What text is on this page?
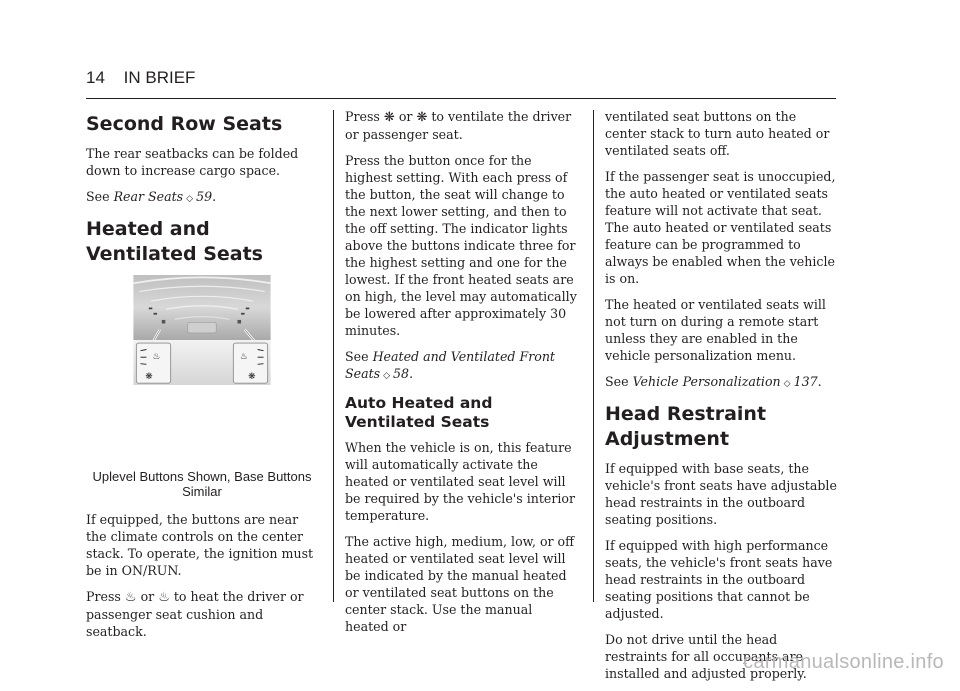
14 IN BRIEF
Second Row Seats

The rear seatbacks can be folded down to increase cargo space.

See Rear Seats ◇ 59.

Heated and Ventilated Seats
♨
❋
♨
❋
Uplevel Buttons Shown, Base Buttons Similar

If equipped, the buttons are near the climate controls on the center stack. To operate, the ignition must be in ON/RUN.

Press ♨ or ♨ to heat the driver or passenger seat cushion and seatback.

Press ❋ or ❋ to ventilate the driver or passenger seat.

Press the button once for the highest setting. With each press of the button, the seat will change to the next lower setting, and then to the off setting. The indicator lights above the buttons indicate three for the highest setting and one for the lowest. If the front heated seats are on high, the level may automatically be lowered after approximately 30 minutes.

See Heated and Ventilated Front Seats ◇ 58.

Auto Heated and Ventilated Seats

When the vehicle is on, this feature will automatically activate the heated or ventilated seat level will be required by the vehicle's interior temperature.

The active high, medium, low, or off heated or ventilated seat level will be indicated by the manual heated or ventilated seat buttons on the center stack. Use the manual heated or

ventilated seat buttons on the center stack to turn auto heated or ventilated seats off.

If the passenger seat is unoccupied, the auto heated or ventilated seats feature will not activate that seat. The auto heated or ventilated seats feature can be programmed to always be enabled when the vehicle is on.

The heated or ventilated seats will not turn on during a remote start unless they are enabled in the vehicle personalization menu.

See Vehicle Personalization ◇ 137.

Head Restraint Adjustment

If equipped with base seats, the vehicle's front seats have adjustable head restraints in the outboard seating positions.

If equipped with high performance seats, the vehicle's front seats have head restraints in the outboard seating positions that cannot be adjusted.

Do not drive until the head restraints for all occupants are installed and adjusted properly.

carmanualsonline.info
